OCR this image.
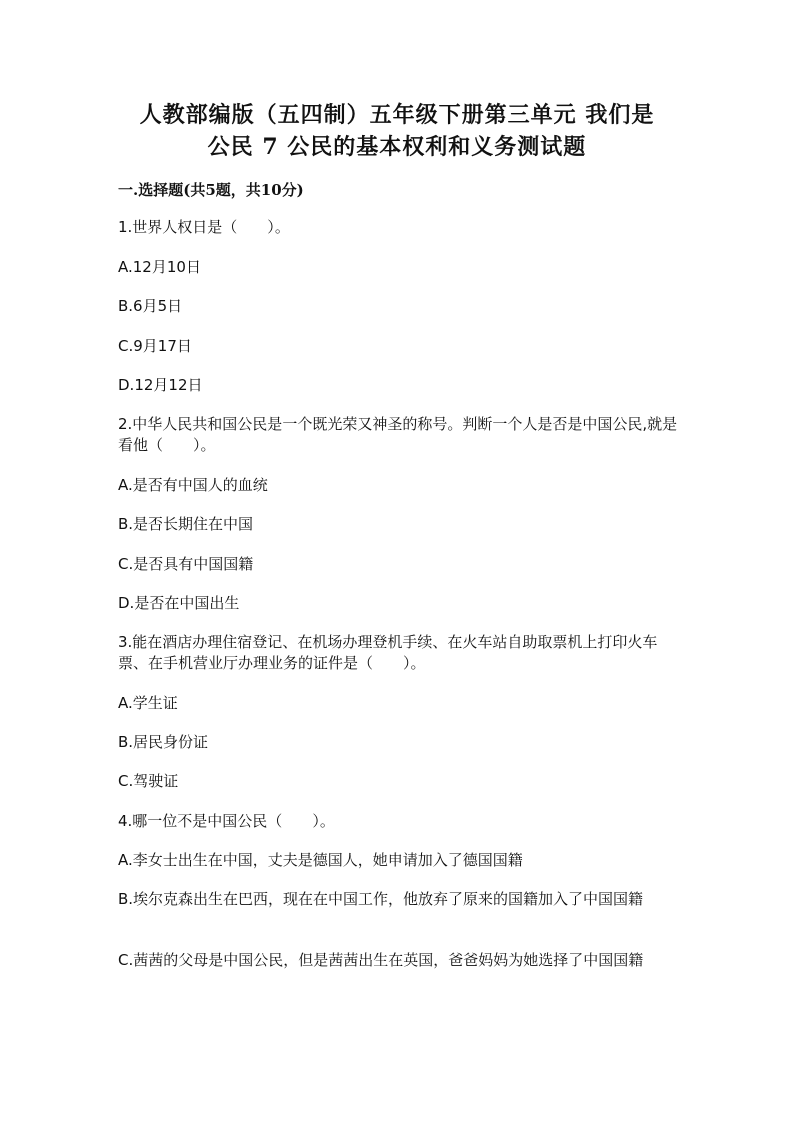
人教部编版（五四制）五年级下册第三单元 我们是
公民 7 公民的基本权利和义务测试题
一.选择题(共5题，共10分)
1.世界人权日是（　　）。
A.12月10日
B.6月5日
C.9月17日
D.12月12日
2.中华人民共和国公民是一个既光荣又神圣的称号。判断一个人是否是中国公民,就是看他（　　）。
A.是否有中国人的血统
B.是否长期住在中国
C.是否具有中国国籍
D.是否在中国出生
3.能在酒店办理住宿登记、在机场办理登机手续、在火车站自助取票机上打印火车票、在手机营业厅办理业务的证件是（　　）。
A.学生证
B.居民身份证
C.驾驶证
4.哪一位不是中国公民（　　）。
A.李女士出生在中国，丈夫是德国人，她申请加入了德国国籍
B.埃尔克森出生在巴西，现在在中国工作，他放弃了原来的国籍加入了中国国籍
C.茜茜的父母是中国公民，但是茜茜出生在英国，爸爸妈妈为她选择了中国国籍
